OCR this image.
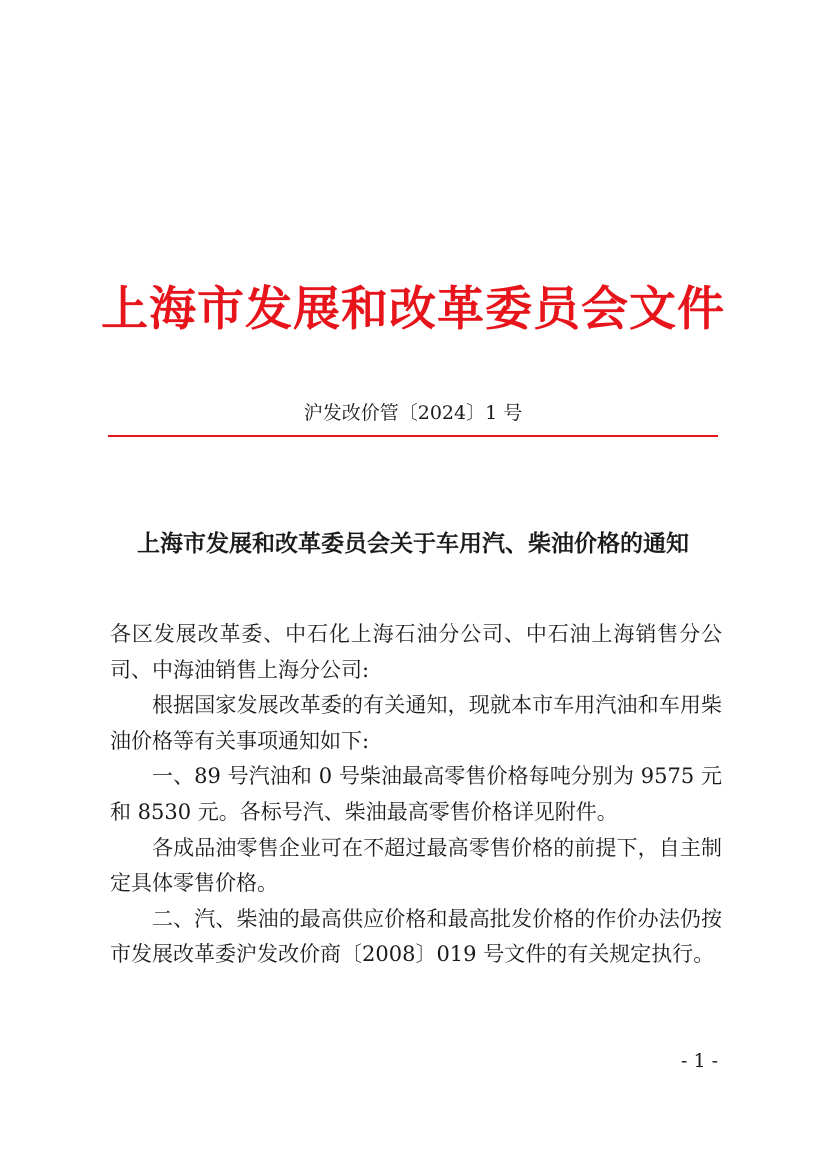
上海市发展和改革委员会文件
沪发改价管〔2024〕1 号
上海市发展和改革委员会关于车用汽、柴油价格的通知

各区发展改革委、中石化上海石油分公司、中石油上海销售分公司、中海油销售上海分公司:

根据国家发展改革委的有关通知，现就本市车用汽油和车用柴油价格等有关事项通知如下:

一、89 号汽油和 0 号柴油最高零售价格每吨分别为 9575 元和 8530 元。各标号汽、柴油最高零售价格详见附件。

各成品油零售企业可在不超过最高零售价格的前提下，自主制定具体零售价格。

二、汽、柴油的最高供应价格和最高批发价格的作价办法仍按市发展改革委沪发改价商〔2008〕019 号文件的有关规定执行。

- 1 -
